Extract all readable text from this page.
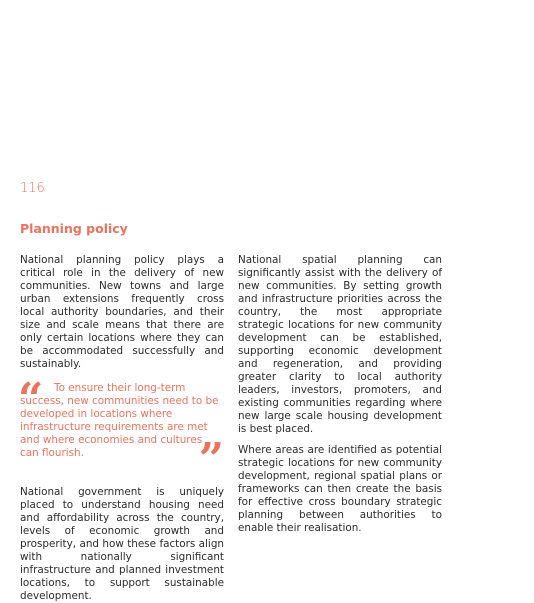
116
Planning policy

National planning policy plays a critical role in the delivery of new communities. New towns and large urban extensions frequently cross local authority boundaries, and their size and scale means that there are only certain locations where they can be accommodated successfully and sustainably.

“	To ensure their long-term success, new communities need to be developed in locations where infrastructure requirements are met and where economies and cultures can flourish.	”

National government is uniquely placed to understand housing need and affordability across the country, levels of economic growth and prosperity, and how these factors align with nationally significant infrastructure and planned investment locations, to support sustainable development.

National spatial planning can significantly assist with the delivery of new communities. By setting growth and infrastructure priorities across the country, the most appropriate strategic locations for new community development can be established, supporting economic development and regeneration, and providing greater clarity to local authority leaders, investors, promoters, and existing communities regarding where new large scale housing development is best placed.

Where areas are identified as potential strategic locations for new community development, regional spatial plans or frameworks can then create the basis for effective cross boundary strategic planning between authorities to enable their realisation.
